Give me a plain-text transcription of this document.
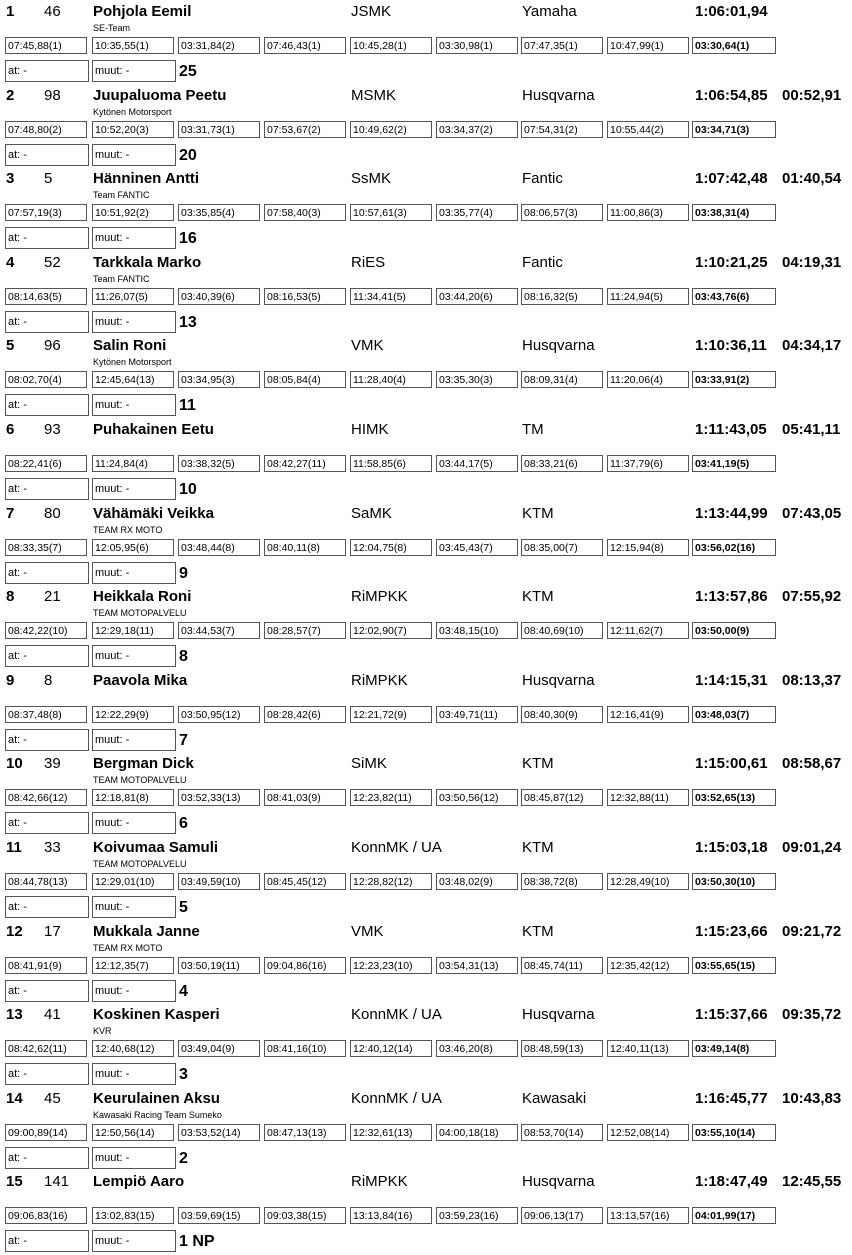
1 46 Pohjola Eemil	JSMK	Yamaha	1:06:01,94
SE-Team
07:45,88(1)	10:35,55(1)	03:31,84(2)	07:46,43(1)	10:45,28(1)	03:30,98(1)	07:47,35(1)	10:47,99(1)	03:30,64(1)
at: -	muut: -	25
2 98 Juupaluoma Peetu	MSMK	Husqvarna	1:06:54,85 00:52,91
Kytönen Motorsport
07:48,80(2)	10:52,20(3)	03:31,73(1)	07:53,67(2)	10:49,62(2)	03:34,37(2)	07:54,31(2)	10:55,44(2)	03:34,71(3)
at: -	muut: -	20
3 5	Hänninen Antti	SsMK	Fantic	1:07:42,48 01:40,54
Team FANTIC
07:57,19(3)	10:51,92(2)	03:35,85(4)	07:58,40(3)	10:57,61(3)	03:35,77(4)	08:06,57(3)	11:00,86(3)	03:38,31(4)
at: -	muut: -	16
4 52 Tarkkala Marko	RiES	Fantic	1:10:21,25 04:19,31
Team FANTIC
08:14,63(5)	11:26,07(5)	03:40,39(6)	08:16,53(5)	11:34,41(5)	03:44,20(6)	08:16,32(5)	11:24,94(5)	03:43,76(6)
at: -	muut: -	13
5 96 Salin Roni	VMK	Husqvarna	1:10:36,11 04:34,17
Kytönen Motorsport
08:02,70(4)	12:45,64(13)	03:34,95(3)	08:05,84(4)	11:28,40(4)	03:35,30(3)	08:09,31(4)	11:20,06(4)	03:33,91(2)
at: -	muut: -	11
6 93 Puhakainen Eetu	HIMK	TM	1:11:43,05 05:41,11
08:22,41(6)	11:24,84(4)	03:38,32(5)	08:42,27(11)	11:58,85(6)	03:44,17(5)	08:33,21(6)	11:37,79(6)	03:41,19(5)
at: -	muut: -	10
7 80 Vähämäki Veikka	SaMK	KTM	1:13:44,99 07:43,05
TEAM RX MOTO
08:33,35(7)	12:05,95(6)	03:48,44(8)	08:40,11(8)	12:04,75(8)	03:45,43(7)	08:35,00(7)	12:15,94(8)	03:56,02(16)
at: -	muut: -	9
8 21 Heikkala Roni	RiMPKK	KTM	1:13:57,86 07:55,92
TEAM MOTOPALVELU
08:42,22(10)	12:29,18(11)	03:44,53(7)	08:28,57(7)	12:02,90(7)	03:48,15(10)	08:40,69(10)	12:11,62(7)	03:50,00(9)
at: -	muut: -	8
9 8	Paavola Mika	RiMPKK	Husqvarna	1:14:15,31 08:13,37
08:37,48(8)	12:22,29(9)	03:50,95(12)	08:28,42(6)	12:21,72(9)	03:49,71(11)	08:40,30(9)	12:16,41(9)	03:48,03(7)
at: -	muut: -	7
10 39 Bergman Dick	SiMK	KTM	1:15:00,61 08:58,67
TEAM MOTOPALVELU
08:42,66(12)	12:18,81(8)	03:52,33(13)	08:41,03(9)	12:23,82(11)	03:50,56(12)	08:45,87(12)	12:32,88(11)	03:52,65(13)
at: -	muut: -	6
11 33 Koivumaa Samuli	KonnMK / UA	KTM	1:15:03,18 09:01,24
TEAM MOTOPALVELU
08:44,78(13)	12:29,01(10)	03:49,59(10)	08:45,45(12)	12:28,82(12)	03:48,02(9)	08:38,72(8)	12:28,49(10)	03:50,30(10)
at: -	muut: -	5
12 17 Mukkala Janne	VMK	KTM	1:15:23,66 09:21,72
TEAM RX MOTO
08:41,91(9)	12:12,35(7)	03:50,19(11)	09:04,86(16)	12:23,23(10)	03:54,31(13)	08:45,74(11)	12:35,42(12)	03:55,65(15)
at: -	muut: -	4
13 41 Koskinen Kasperi	KonnMK / UA	Husqvarna	1:15:37,66 09:35,72
KVR
08:42,62(11)	12:40,68(12)	03:49,04(9)	08:41,16(10)	12:40,12(14)	03:46,20(8)	08:48,59(13)	12:40,11(13)	03:49,14(8)
at: -	muut: -	3
14 45 Keurulainen Aksu	KonnMK / UA	Kawasaki	1:16:45,77 10:43,83
Kawasaki Racing Team Sumeko
09:00,89(14)	12:50,56(14)	03:53,52(14)	08:47,13(13)	12:32,61(13)	04:00,18(18)	08:53,70(14)	12:52,08(14)	03:55,10(14)
at: -	muut: -	2
15 141 Lempiö Aaro	RiMPKK	Husqvarna	1:18:47,49 12:45,55
09:06,83(16)	13:02,83(15)	03:59,69(15)	09:03,38(15)	13:13,84(16)	03:59,23(16)	09:06,13(17)	13:13,57(16)	04:01,99(17)
at: -	muut: -	1 NP
